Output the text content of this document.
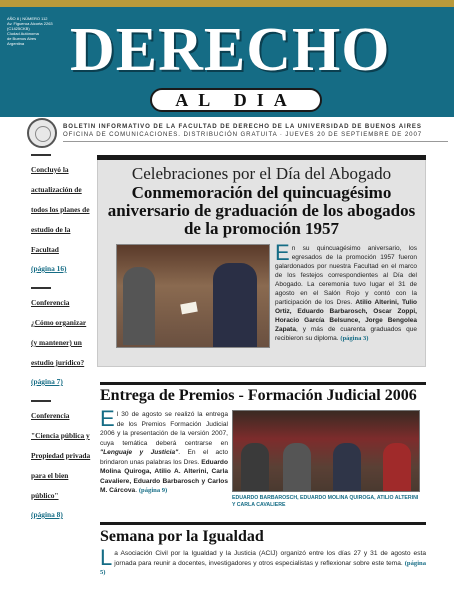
AÑO 8 | NÚMERO 112
Av. Figueroa Alcorta 2263
(C1425CKB)
Ciudad Autónoma
de Buenos Aires
Argentina DERECHO
AL DIA
BOLETÍN INFORMATIVO DE LA FACULTAD DE DERECHO DE LA UNIVERSIDAD DE BUENOS AIRES
OFICINA DE COMUNICACIONES. DISTRIBUCIÓN GRATUITA · JUEVES 20 DE SEPTIEMBRE DE 2007
Concluyó la actualización de todos los planes de estudio de la Facultad
(página 16)
Conferencia ¿Cómo organizar (y mantener) un estudio jurídico?
(página 7)
Conferencia "Ciencia pública y Propiedad privada para el bien público"
(página 8)
Celebraciones por el Día del Abogado
Conmemoración del quincuagésimo aniversario de graduación de los abogados de la promoción 1957
En su quincuagésimo aniversario, los egresados de la promoción 1957 fueron galardonados por nuestra Facultad en el marco de los festejos correspondientes al Día del Abogado. La ceremonia tuvo lugar el 31 de agosto en el Salón Rojo y contó con la participación de los Dres. Atilio Alterini, Tulio Ortiz, Eduardo Barbarosch, Oscar Zoppi, Horacio García Belsunce, Jorge Bengolea Zapata, y más de cuarenta graduados que recibieron su diploma. (página 3)
Entrega de Premios - Formación Judicial 2006
El 30 de agosto se realizó la entrega de los Premios Formación Judicial 2006 y la presentación de la versión 2007, cuya temática deberá centrarse en "Lenguaje y Justicia". En el acto brindaron unas palabras los Dres. Eduardo Molina Quiroga, Atilio A. Alterini, Carla Cavaliere, Eduardo Barbarosch y Carlos M. Cárcova. (página 9)
EDUARDO BARBAROSCH, EDUARDO MOLINA QUIROGA, ATILIO ALTERINI Y CARLA CAVALIERE
Semana por la Igualdad
La Asociación Civil por la Igualdad y la Justicia (ACIJ) organizó entre los días 27 y 31 de agosto esta jornada para reunir a docentes, investigadores y otros especialistas y reflexionar sobre este tema. (página 5)
